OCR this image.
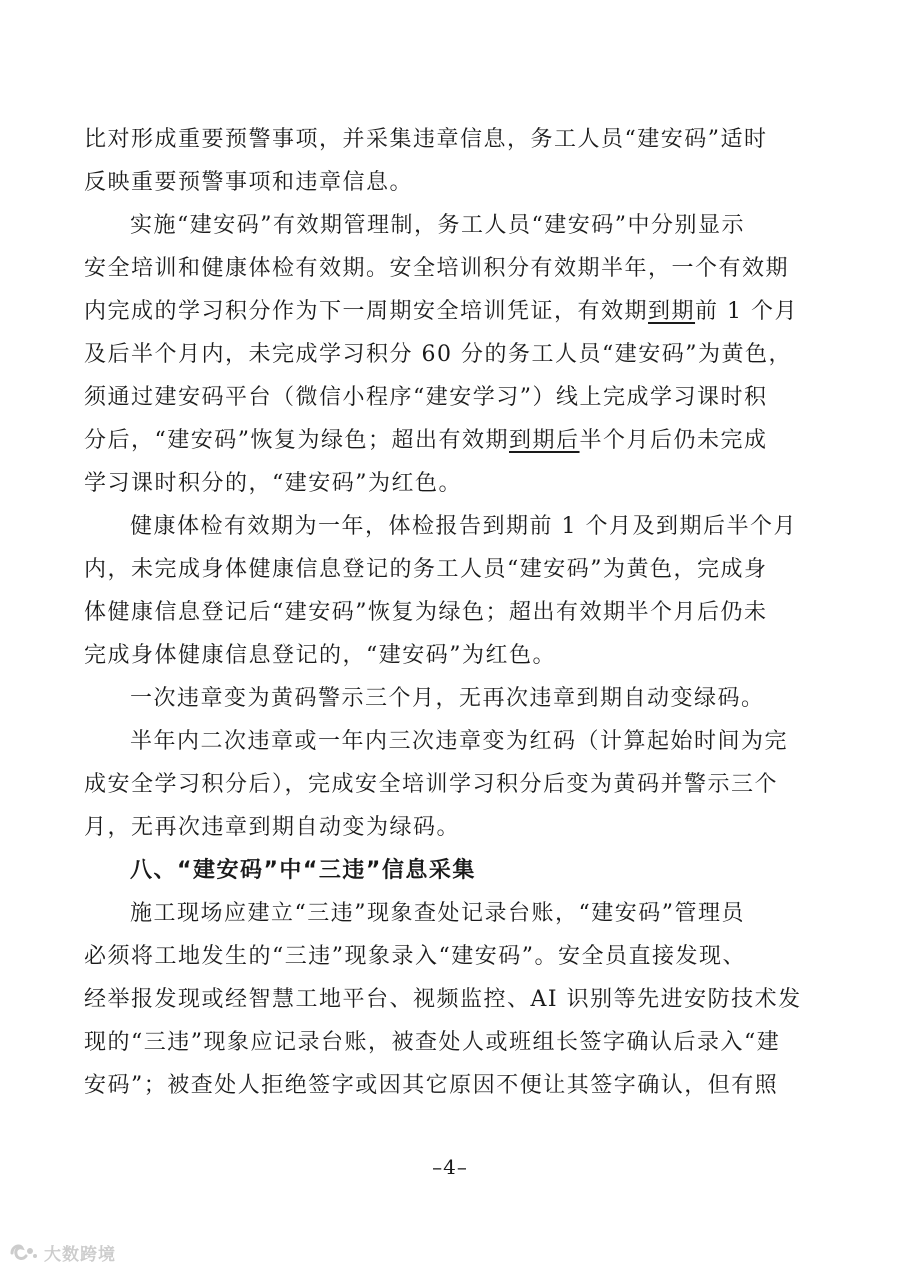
比对形成重要预警事项，并采集违章信息，务工人员“建安码”适时
反映重要预警事项和违章信息。
实施“建安码”有效期管理制，务工人员“建安码”中分别显示
安全培训和健康体检有效期。安全培训积分有效期半年，一个有效期
内完成的学习积分作为下一周期安全培训凭证，有效期到期前 1 个月
及后半个月内，未完成学习积分 60 分的务工人员“建安码”为黄色，
须通过建安码平台（微信小程序“建安学习”）线上完成学习课时积
分后，“建安码”恢复为绿色；超出有效期到期后半个月后仍未完成
学习课时积分的，“建安码”为红色。
健康体检有效期为一年，体检报告到期前 1 个月及到期后半个月
内，未完成身体健康信息登记的务工人员“建安码”为黄色，完成身
体健康信息登记后“建安码”恢复为绿色；超出有效期半个月后仍未
完成身体健康信息登记的，“建安码”为红色。
一次违章变为黄码警示三个月，无再次违章到期自动变绿码。
半年内二次违章或一年内三次违章变为红码（计算起始时间为完
成安全学习积分后），完成安全培训学习积分后变为黄码并警示三个
月，无再次违章到期自动变为绿码。
八、“建安码”中“三违”信息采集
施工现场应建立“三违”现象查处记录台账，“建安码”管理员
必须将工地发生的“三违”现象录入“建安码”。安全员直接发现、
经举报发现或经智慧工地平台、视频监控、AI 识别等先进安防技术发
现的“三违”现象应记录台账，被查处人或班组长签字确认后录入“建
安码”；被查处人拒绝签字或因其它原因不便让其签字确认，但有照
–4–
大数跨境
